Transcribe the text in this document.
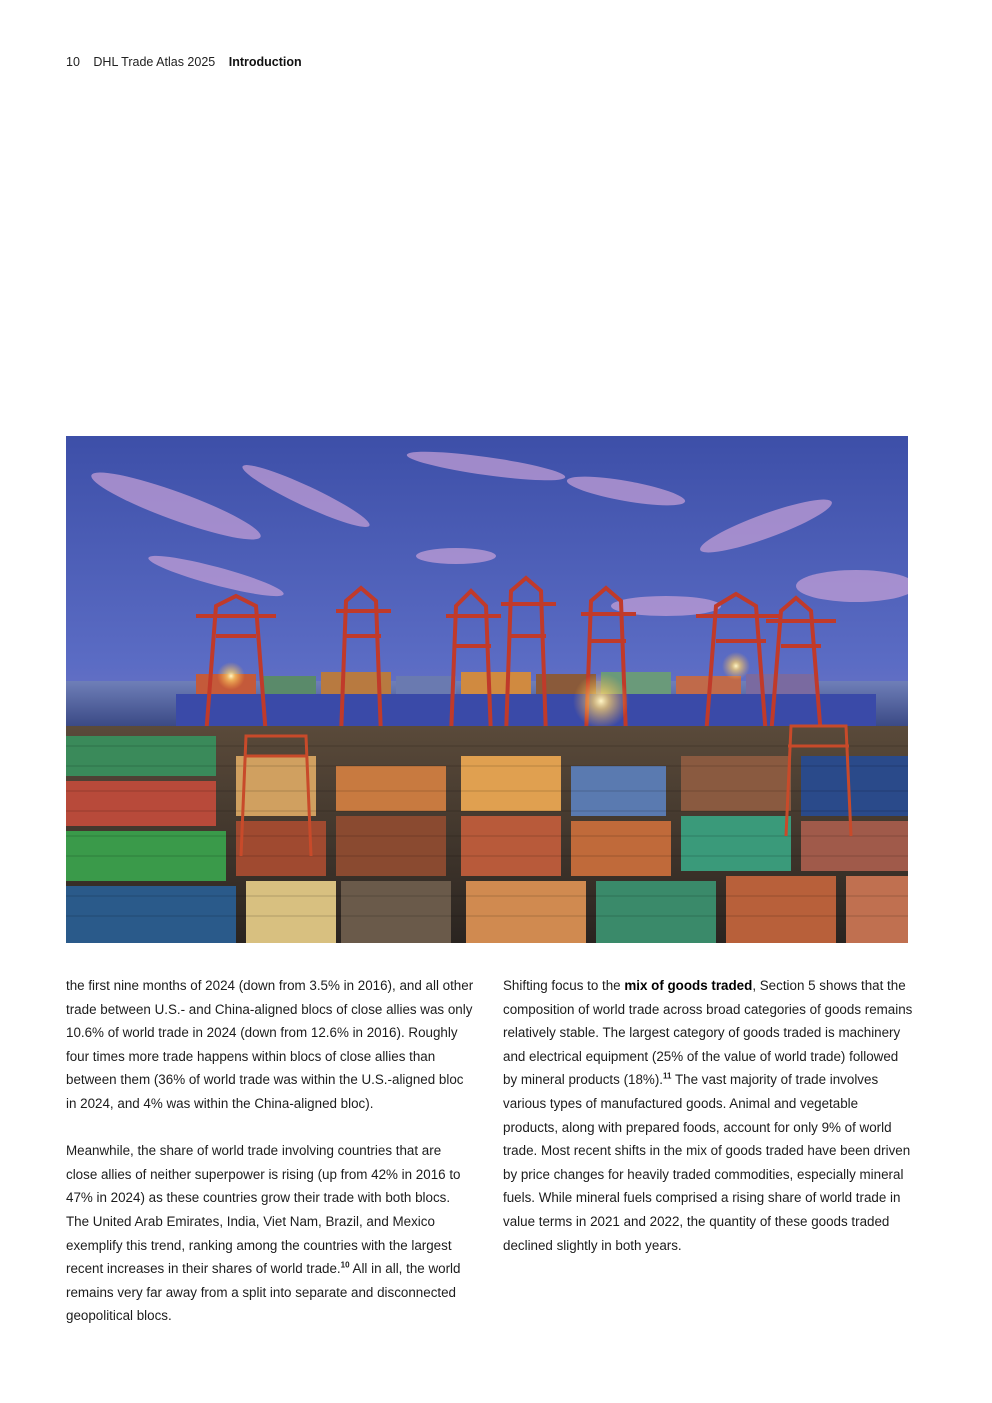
10 DHL Trade Atlas 2025 Introduction

the first nine months of 2024 (down from 3.5% in 2016), and all other trade between U.S.- and China-aligned blocs of close allies was only 10.6% of world trade in 2024 (down from 12.6% in 2016). Roughly four times more trade happens within blocs of close allies than between them (36% of world trade was within the U.S.-aligned bloc in 2024, and 4% was within the China-aligned bloc).

Meanwhile, the share of world trade involving countries that are close allies of neither superpower is rising (up from 42% in 2016 to 47% in 2024) as these countries grow their trade with both blocs. The United Arab Emirates, India, Viet Nam, Brazil, and Mexico exemplify this trend, ranking among the countries with the largest recent increases in their shares of world trade.$^{10}$ All in all, the world remains very far away from a split into separate and disconnected geopolitical blocs.

Shifting focus to the mix of goods traded, Section 5 shows that the composition of world trade across broad categories of goods remains relatively stable. The largest category of goods traded is machinery and electrical equipment (25% of the value of world trade) followed by mineral products (18%).$^{11}$ The vast majority of trade involves various types of manufactured goods. Animal and vegetable products, along with prepared foods, account for only 9% of world trade. Most recent shifts in the mix of goods traded have been driven by price changes for heavily traded commodities, especially mineral fuels. While mineral fuels comprised a rising share of world trade in value terms in 2021 and 2022, the quantity of these goods traded declined slightly in both years.
